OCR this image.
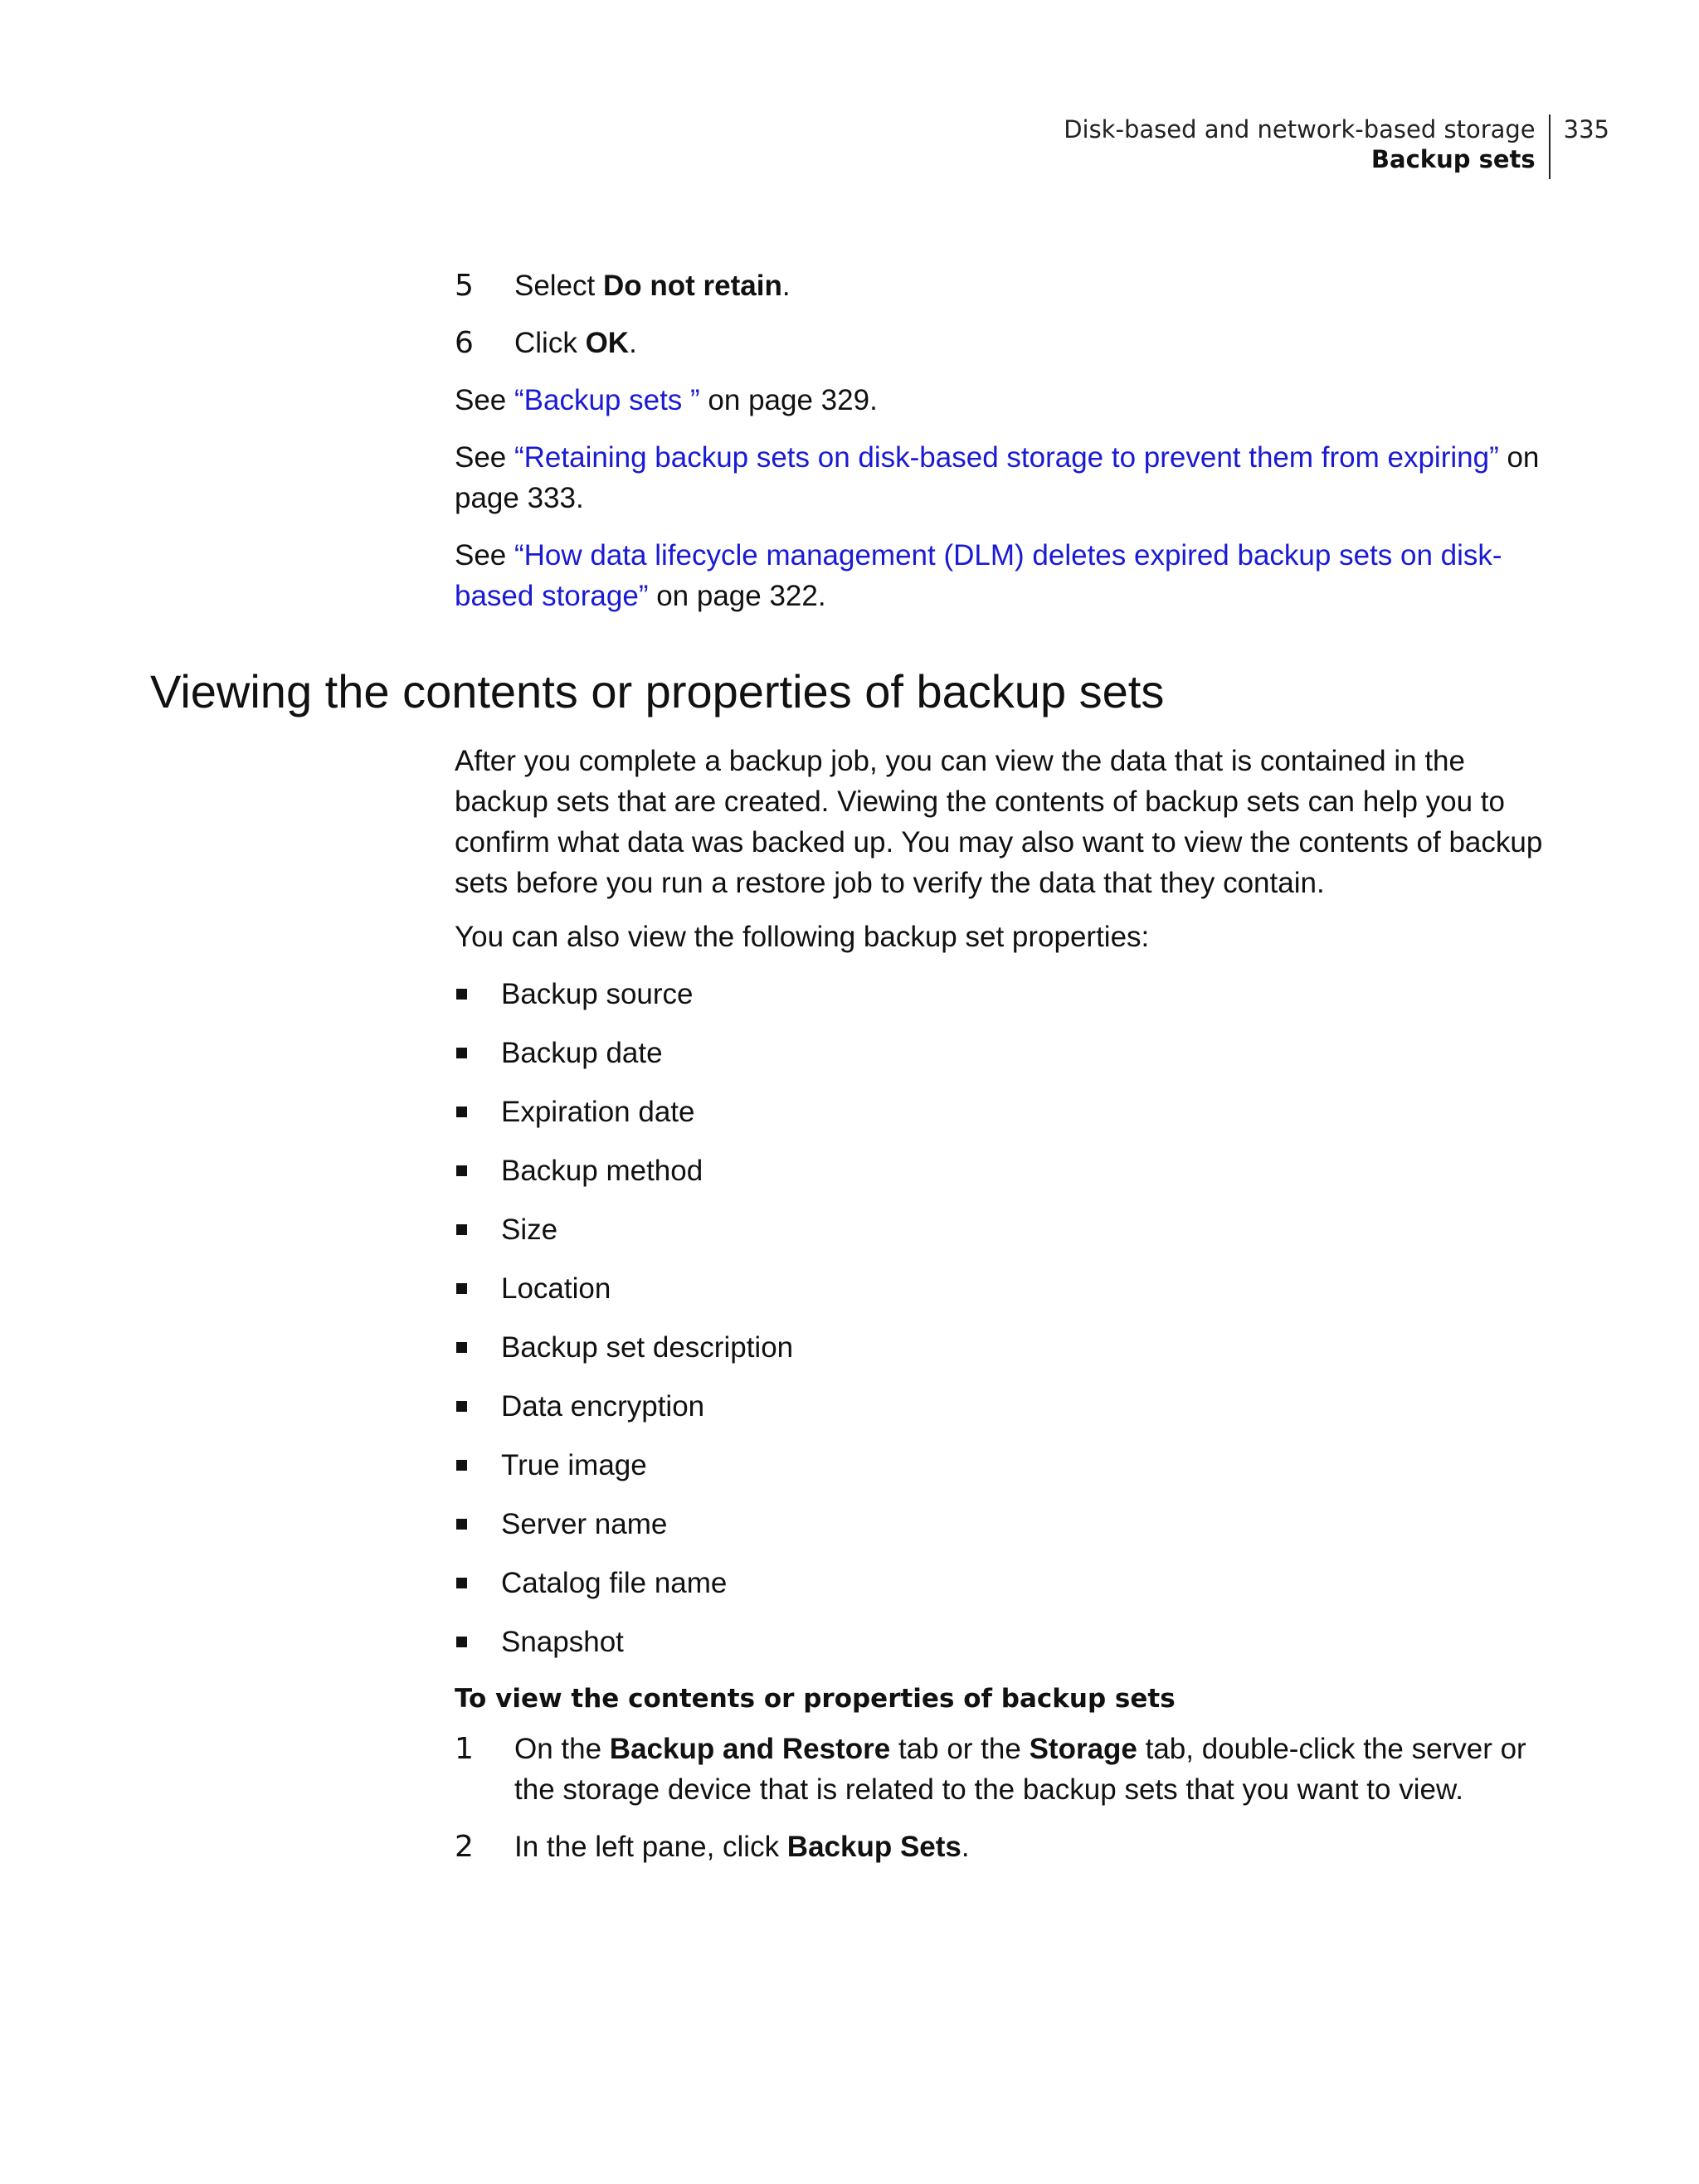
Disk-based and network-based storage
Backup sets
335
5	Select Do not retain.
6	Click OK.

See “Backup sets ” on page 329.

See “Retaining backup sets on disk-based storage to prevent them from expiring” on page 333.

See “How data lifecycle management (DLM) deletes expired backup sets on disk-based storage” on page 322.

Viewing the contents or properties of backup sets

After you complete a backup job, you can view the data that is contained in the backup sets that are created. Viewing the contents of backup sets can help you to confirm what data was backed up. You may also want to view the contents of backup sets before you run a restore job to verify the data that they contain.

You can also view the following backup set properties:

Backup source
Backup date
Expiration date
Backup method
Size
Location
Backup set description
Data encryption
True image
Server name
Catalog file name
Snapshot
To view the contents or properties of backup sets
1	On the Backup and Restore tab or the Storage tab, double-click the server or the storage device that is related to the backup sets that you want to view.
2	In the left pane, click Backup Sets.
